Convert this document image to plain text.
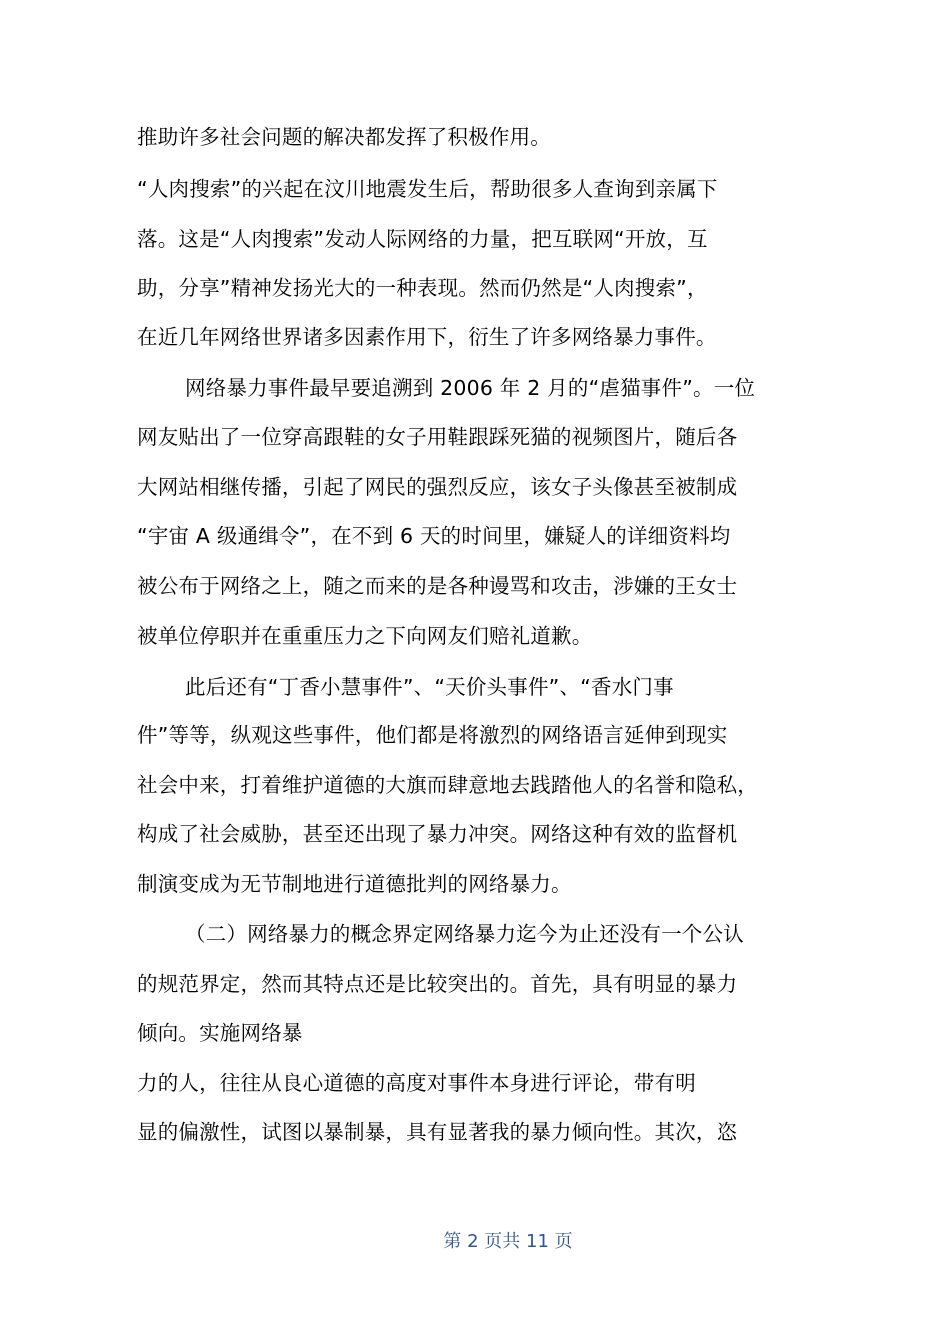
推助许多社会问题的解决都发挥了积极作用。
“人肉搜索”的兴起在汶川地震发生后，帮助很多人查询到亲属下
落。这是“人肉搜索”发动人际网络的力量，把互联网“开放，互
助，分享”精神发扬光大的一种表现。然而仍然是“人肉搜索”，
在近几年网络世界诸多因素作用下，衍生了许多网络暴力事件。
网络暴力事件最早要追溯到 2006 年 2 月的“虐猫事件”。一位
网友贴出了一位穿高跟鞋的女子用鞋跟踩死猫的视频图片，随后各
大网站相继传播，引起了网民的强烈反应，该女子头像甚至被制成
“宇宙 A 级通缉令”，在不到 6 天的时间里，嫌疑人的详细资料均
被公布于网络之上，随之而来的是各种谩骂和攻击，涉嫌的王女士
被单位停职并在重重压力之下向网友们赔礼道歉。
此后还有“丁香小慧事件”、“天价头事件”、“香水门事
件”等等，纵观这些事件，他们都是将激烈的网络语言延伸到现实
社会中来，打着维护道德的大旗而肆意地去践踏他人的名誉和隐私，
构成了社会威胁，甚至还出现了暴力冲突。网络这种有效的监督机
制演变成为无节制地进行道德批判的网络暴力。
（二）网络暴力的概念界定网络暴力迄今为止还没有一个公认
的规范界定，然而其特点还是比较突出的。首先，具有明显的暴力
倾向。实施网络暴
力的人，往往从良心道德的高度对事件本身进行评论，带有明
显的偏激性，试图以暴制暴，具有显著我的暴力倾向性。其次，恣
第 2 页共 11 页
